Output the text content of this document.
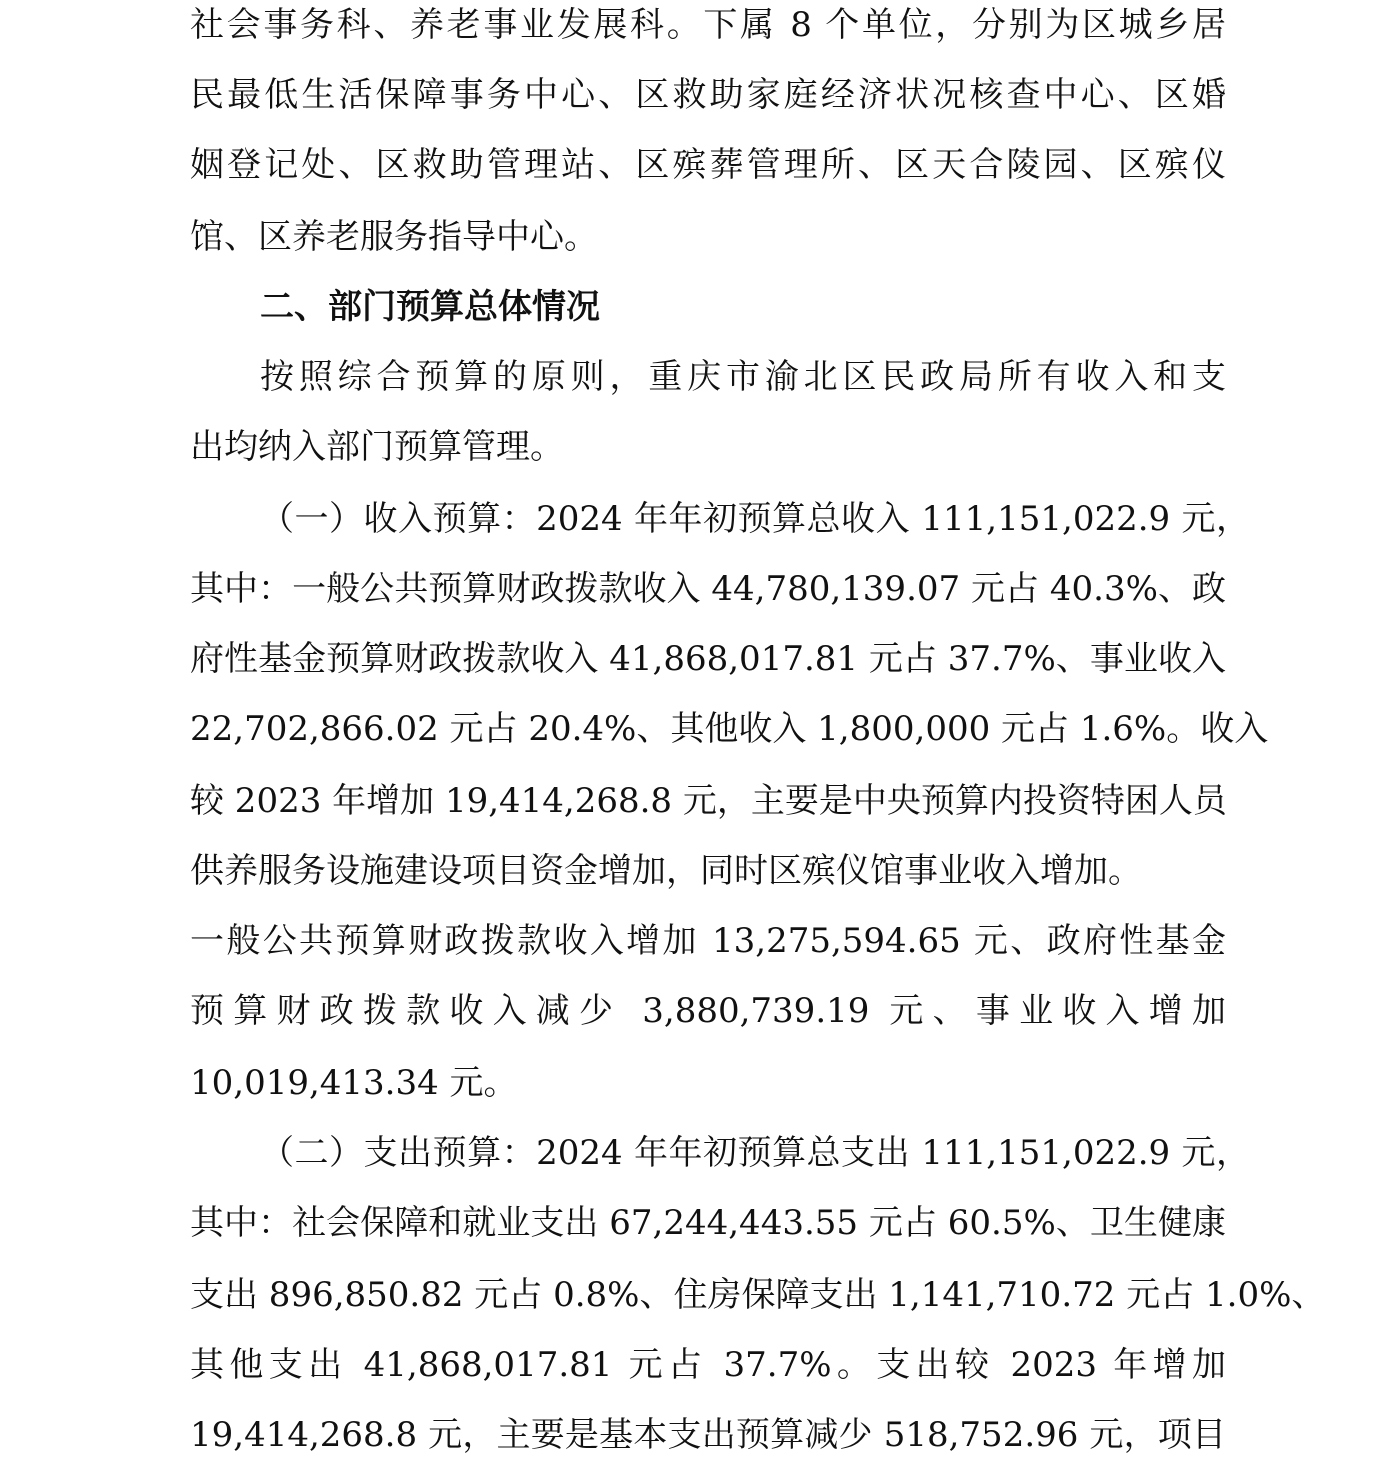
社会事务科、养老事业发展科。下属 8 个单位，分别为区城乡居
民最低生活保障事务中心、区救助家庭经济状况核查中心、区婚
姻登记处、区救助管理站、区殡葬管理所、区天合陵园、区殡仪
馆、区养老服务指导中心。
二、部门预算总体情况
按照综合预算的原则，重庆市渝北区民政局所有收入和支
出均纳入部门预算管理。
（一）收入预算：2024 年年初预算总收入 111,151,022.9 元，
其中：一般公共预算财政拨款收入 44,780,139.07 元占 40.3%、政
府性基金预算财政拨款收入 41,868,017.81 元占 37.7%、事业收入
22,702,866.02 元占 20.4%、其他收入 1,800,000 元占 1.6%。收入
较 2023 年增加 19,414,268.8 元，主要是中央预算内投资特困人员
供养服务设施建设项目资金增加，同时区殡仪馆事业收入增加。
一般公共预算财政拨款收入增加 13,275,594.65 元、政府性基金
预算财政拨款收入减少 3,880,739.19 元、事业收入增加
10,019,413.34 元。
（二）支出预算：2024 年年初预算总支出 111,151,022.9 元，
其中：社会保障和就业支出 67,244,443.55 元占 60.5%、卫生健康
支出 896,850.82 元占 0.8%、住房保障支出 1,141,710.72 元占 1.0%、
其他支出 41,868,017.81 元占 37.7%。支出较 2023 年增加
19,414,268.8 元，主要是基本支出预算减少 518,752.96 元，项目
